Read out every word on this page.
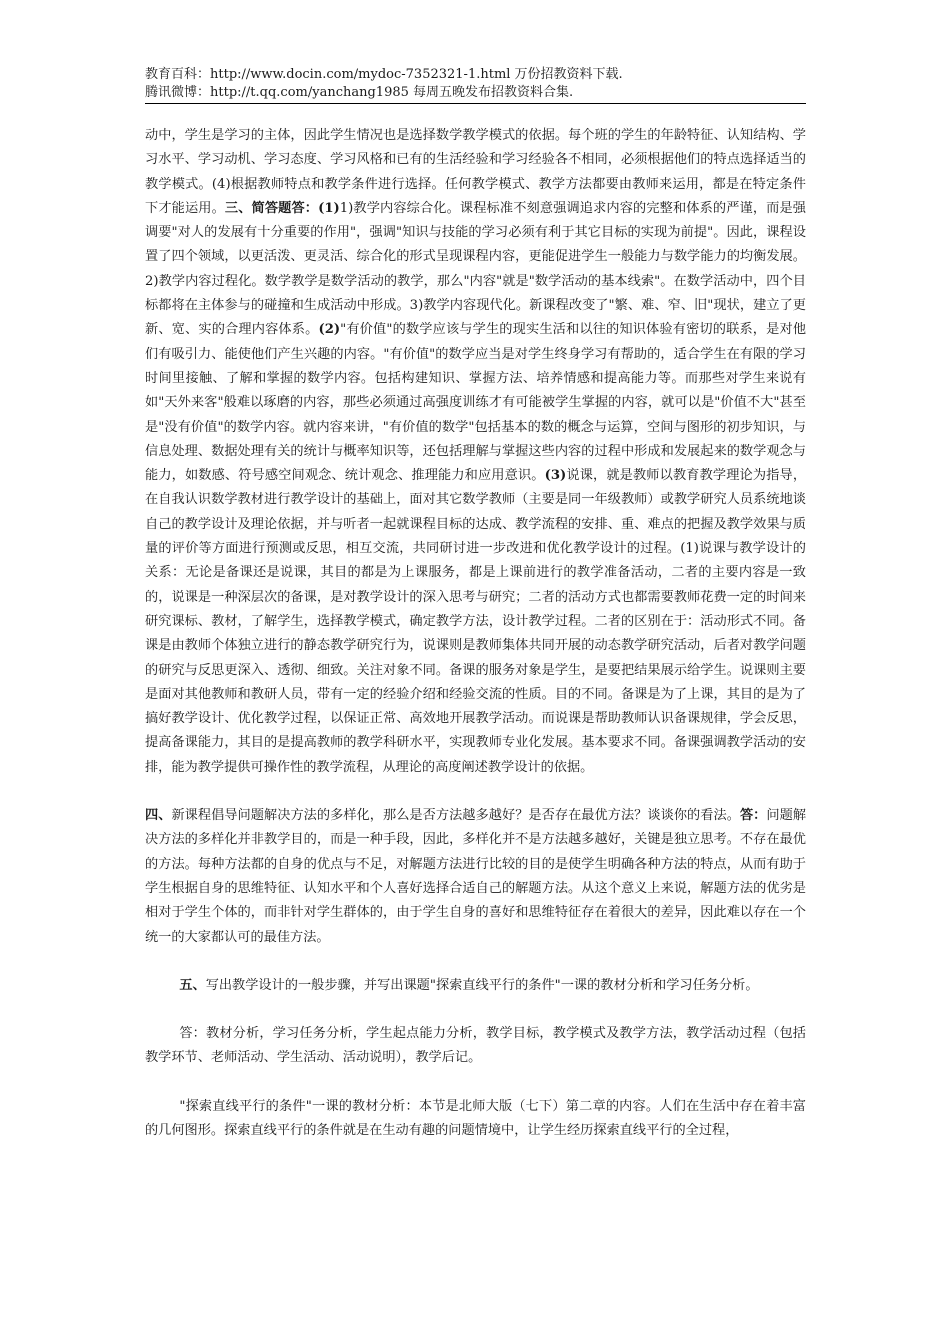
教育百科：http://www.docin.com/mydoc-7352321-1.html 万份招教资料下载.
腾讯微博：http://t.qq.com/yanchang1985 每周五晚发布招教资料合集.

动中，学生是学习的主体，因此学生情况也是选择数学教学模式的依据。每个班的学生的年龄特征、认知结构、学习水平、学习动机、学习态度、学习风格和已有的生活经验和学习经验各不相同，必须根据他们的特点选择适当的教学模式。(4)根据教师特点和教学条件进行选择。任何教学模式、教学方法都要由教师来运用，都是在特定条件下才能运用。三、简答题答：(1)1)教学内容综合化。课程标准不刻意强调追求内容的完整和体系的严谨，而是强调要"对人的发展有十分重要的作用"，强调"知识与技能的学习必须有利于其它目标的实现为前提"。因此，课程设置了四个领域，以更活泼、更灵活、综合化的形式呈现课程内容，更能促进学生一般能力与数学能力的均衡发展。2)教学内容过程化。数学教学是数学活动的教学，那么"内容"就是"数学活动的基本线索"。在数学活动中，四个目标都将在主体参与的碰撞和生成活动中形成。3)教学内容现代化。新课程改变了"繁、难、窄、旧"现状，建立了更新、宽、实的合理内容体系。(2)"有价值"的数学应该与学生的现实生活和以往的知识体验有密切的联系，是对他们有吸引力、能使他们产生兴趣的内容。"有价值"的数学应当是对学生终身学习有帮助的，适合学生在有限的学习时间里接触、了解和掌握的数学内容。包括构建知识、掌握方法、培养情感和提高能力等。而那些对学生来说有如"天外来客"般难以琢磨的内容，那些必须通过高强度训练才有可能被学生掌握的内容，就可以是"价值不大"甚至是"没有价值"的数学内容。就内容来讲，"有价值的数学"包括基本的数的概念与运算，空间与图形的初步知识，与信息处理、数据处理有关的统计与概率知识等，还包括理解与掌握这些内容的过程中形成和发展起来的数学观念与能力，如数感、符号感空间观念、统计观念、推理能力和应用意识。(3)说课，就是教师以教育教学理论为指导，在自我认识数学教材进行教学设计的基础上，面对其它数学教师（主要是同一年级教师）或教学研究人员系统地谈自己的教学设计及理论依据，并与听者一起就课程目标的达成、教学流程的安排、重、难点的把握及教学效果与质量的评价等方面进行预测或反思，相互交流，共同研讨进一步改进和优化教学设计的过程。(1)说课与教学设计的关系：无论是备课还是说课，其目的都是为上课服务，都是上课前进行的教学准备活动，二者的主要内容是一致的，说课是一种深层次的备课，是对教学设计的深入思考与研究；二者的活动方式也都需要教师花费一定的时间来研究课标、教材，了解学生，选择教学模式，确定教学方法，设计教学过程。二者的区别在于：活动形式不同。备课是由教师个体独立进行的静态教学研究行为，说课则是教师集体共同开展的动态教学研究活动，后者对教学问题的研究与反思更深入、透彻、细致。关注对象不同。备课的服务对象是学生，是要把结果展示给学生。说课则主要是面对其他教师和教研人员，带有一定的经验介绍和经验交流的性质。目的不同。备课是为了上课，其目的是为了搞好教学设计、优化教学过程，以保证正常、高效地开展教学活动。而说课是帮助教师认识备课规律，学会反思，提高备课能力，其目的是提高教师的教学科研水平，实现教师专业化发展。基本要求不同。备课强调教学活动的安排，能为教学提供可操作性的教学流程，从理论的高度阐述教学设计的依据。

四、新课程倡导问题解决方法的多样化，那么是否方法越多越好？是否存在最优方法？谈谈你的看法。答：问题解决方法的多样化并非教学目的，而是一种手段，因此，多样化并不是方法越多越好，关键是独立思考。不存在最优的方法。每种方法都的自身的优点与不足，对解题方法进行比较的目的是使学生明确各种方法的特点，从而有助于学生根据自身的思维特征、认知水平和个人喜好选择合适自己的解题方法。从这个意义上来说，解题方法的优劣是相对于学生个体的，而非针对学生群体的，由于学生自身的喜好和思维特征存在着很大的差异，因此难以存在一个统一的大家都认可的最佳方法。

五、写出教学设计的一般步骤，并写出课题"探索直线平行的条件"一课的教材分析和学习任务分析。

答：教材分析，学习任务分析，学生起点能力分析，教学目标，教学模式及教学方法，教学活动过程（包括教学环节、老师活动、学生活动、活动说明），教学后记。

"探索直线平行的条件"一课的教材分析：本节是北师大版（七下）第二章的内容。人们在生活中存在着丰富的几何图形。探索直线平行的条件就是在生动有趣的问题情境中，让学生经历探索直线平行的全过程，
